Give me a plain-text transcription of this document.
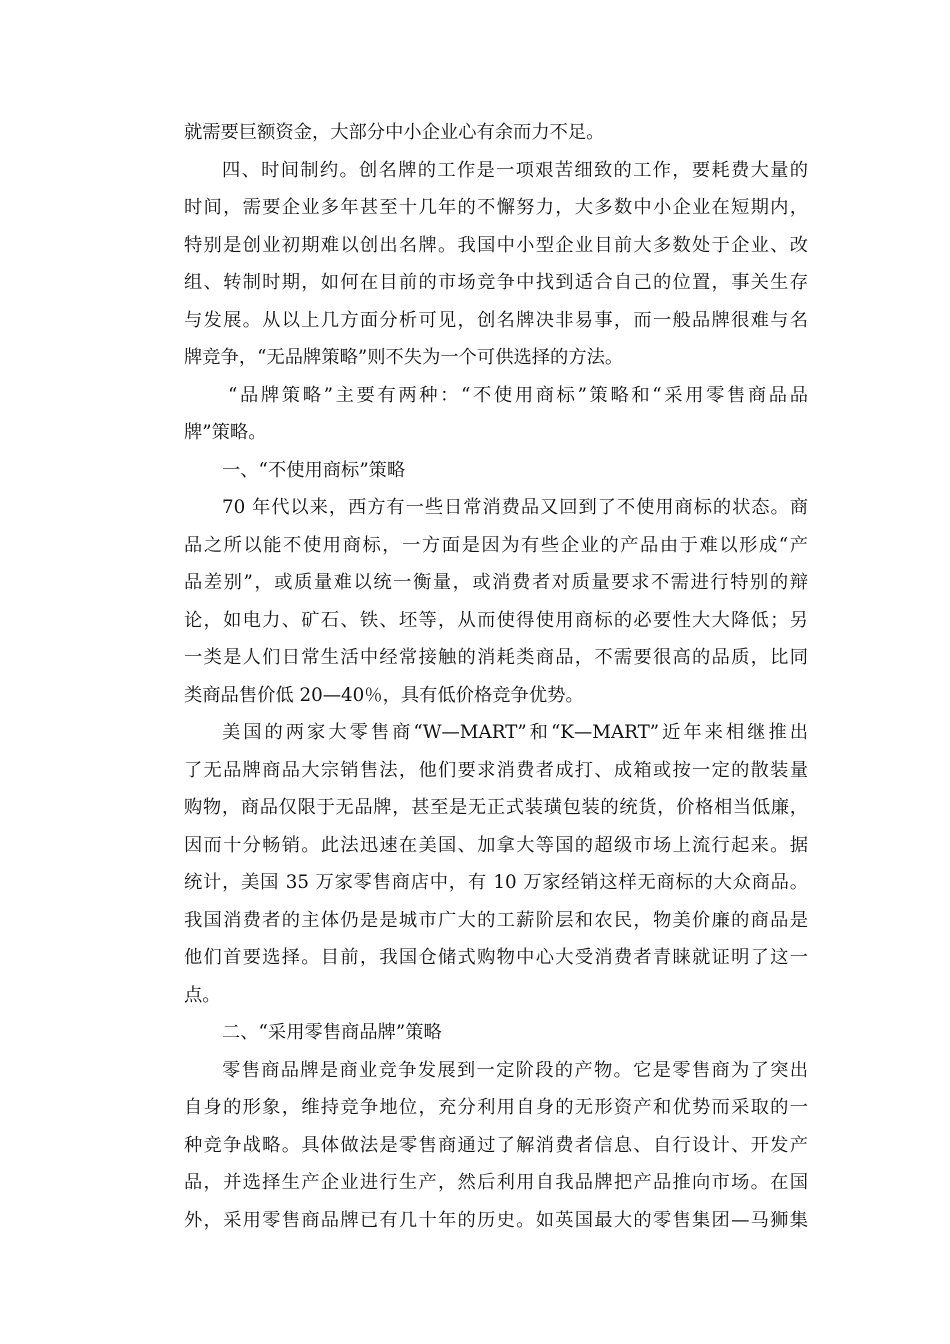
就需要巨额资金，大部分中小企业心有余而力不足。
四、时间制约。创名牌的工作是一项艰苦细致的工作，要耗费大量的
时间，需要企业多年甚至十几年的不懈努力，大多数中小企业在短期内，
特别是创业初期难以创出名牌。我国中小型企业目前大多数处于企业、改
组、转制时期，如何在目前的市场竞争中找到适合自己的位置，事关生存
与发展。从以上几方面分析可见，创名牌决非易事，而一般品牌很难与名
牌竞争，“无品牌策略”则不失为一个可供选择的方法。
“品牌策略”主要有两种：“不使用商标”策略和“采用零售商品品
牌”策略。
一、“不使用商标”策略
70 年代以来，西方有一些日常消费品又回到了不使用商标的状态。商
品之所以能不使用商标，一方面是因为有些企业的产品由于难以形成“产
品差别”，或质量难以统一衡量，或消费者对质量要求不需进行特别的辩
论，如电力、矿石、铁、坯等，从而使得使用商标的必要性大大降低；另
一类是人们日常生活中经常接触的消耗类商品，不需要很高的品质，比同
类商品售价低 20—40％，具有低价格竞争优势。
美国的两家大零售商“W—MART”和“K—MART”近年来相继推出
了无品牌商品大宗销售法，他们要求消费者成打、成箱或按一定的散装量
购物，商品仅限于无品牌，甚至是无正式装璜包装的统货，价格相当低廉，
因而十分畅销。此法迅速在美国、加拿大等国的超级市场上流行起来。据
统计，美国 35 万家零售商店中，有 10 万家经销这样无商标的大众商品。
我国消费者的主体仍是是城市广大的工薪阶层和农民，物美价廉的商品是
他们首要选择。目前，我国仓储式购物中心大受消费者青睐就证明了这一
点。
二、“采用零售商品牌”策略
零售商品牌是商业竞争发展到一定阶段的产物。它是零售商为了突出
自身的形象，维持竞争地位，充分利用自身的无形资产和优势而采取的一
种竞争战略。具体做法是零售商通过了解消费者信息、自行设计、开发产
品，并选择生产企业进行生产，然后利用自我品牌把产品推向市场。在国
外，采用零售商品牌已有几十年的历史。如英国最大的零售集团—马狮集
